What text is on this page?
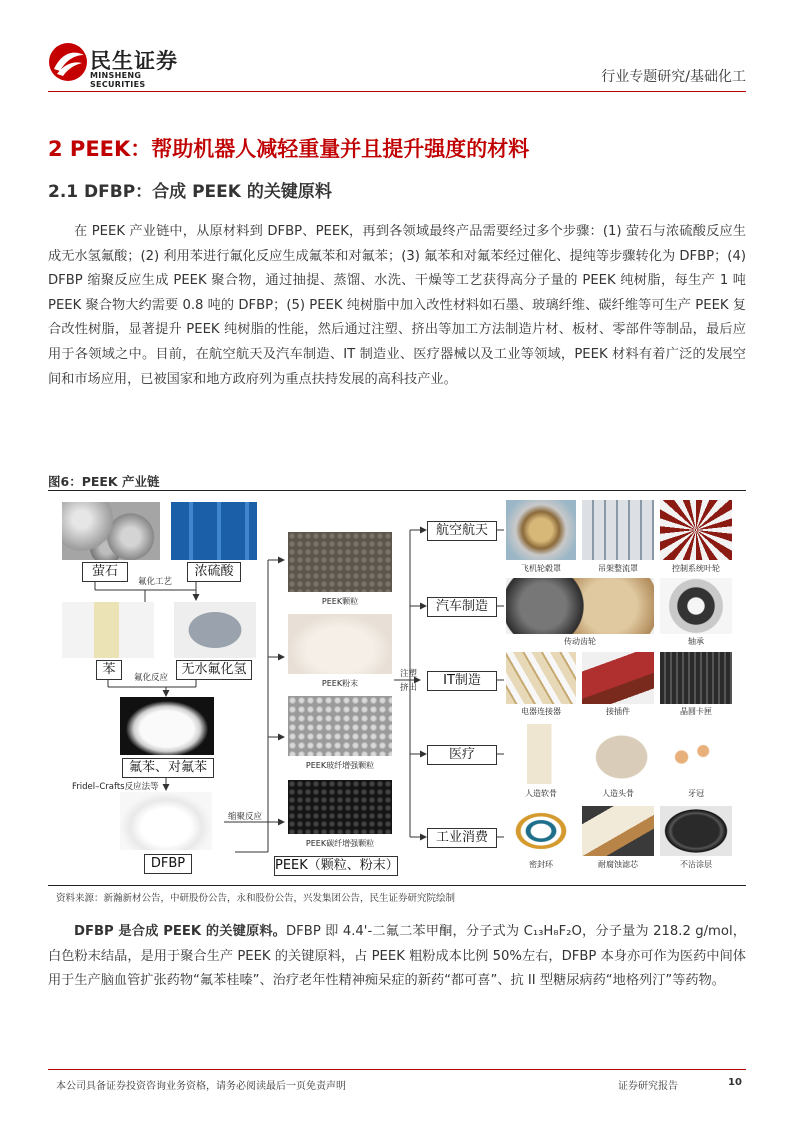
民生证券
MINSHENG SECURITIES	行业专题研究/基础化工
2 PEEK：帮助机器人减轻重量并且提升强度的材料
2.1 DFBP：合成 PEEK 的关键原料
在 PEEK 产业链中，从原材料到 DFBP、PEEK，再到各领域最终产品需要经过多个步骤：(1) 萤石与浓硫酸反应生成无水氢氟酸；(2) 利用苯进行氟化反应生成氟苯和对氟苯；(3) 氟苯和对氟苯经过催化、提纯等步骤转化为 DFBP；(4) DFBP 缩聚反应生成 PEEK 聚合物，通过抽提、蒸馏、水洗、干燥等工艺获得高分子量的 PEEK 纯树脂，每生产 1 吨 PEEK 聚合物大约需要 0.8 吨的 DFBP；(5) PEEK 纯树脂中加入改性材料如石墨、玻璃纤维、碳纤维等可生产 PEEK 复合改性树脂，显著提升 PEEK 纯树脂的性能，然后通过注塑、挤出等加工方法制造片材、板材、零部件等制品，最后应用于各领域之中。目前，在航空航天及汽车制造、IT 制造业、医疗器械以及工业等领域，PEEK 材料有着广泛的发展空间和市场应用，已被国家和地方政府列为重点扶持发展的高科技产业。
图6：PEEK 产业链
萤石	浓硫酸
氟化工艺
苯	无水氟化氢
氟化反应
氟苯、对氟苯
Fridel–Crafts反应法等
DFBP
缩聚反应
PEEK颗粒
PEEK粉末
PEEK玻纤增强颗粒
PEEK碳纤增强颗粒
PEEK（颗粒、粉末）
注塑
挤出
航空航天
汽车制造
IT制造
医疗
工业消费
飞机轮毂罩	吊架整流罩	控制系统叶轮
传动齿轮	轴承
电器连接器	接插件	晶圆卡匣
人造软骨	人造头骨	牙冠
密封环	耐腐蚀滤芯	不沾涂层
资料来源：新瀚新材公告，中研股份公告，永和股份公告，兴发集团公告，民生证券研究院绘制
DFBP 是合成 PEEK 的关键原料。DFBP 即 4.4'-二氟二苯甲酮，分子式为 C₁₃H₈F₂O，分子量为 218.2 g/mol，白色粉末结晶，是用于聚合生产 PEEK 的关键原料，占 PEEK 粗粉成本比例 50%左右，DFBP 本身亦可作为医药中间体用于生产脑血管扩张药物“氟苯桂嗪”、治疗老年性精神痴呆症的新药“都可喜”、抗 II 型糖尿病药“地格列汀”等药物。
本公司具备证券投资咨询业务资格，请务必阅读最后一页免责声明	证券研究报告	10
